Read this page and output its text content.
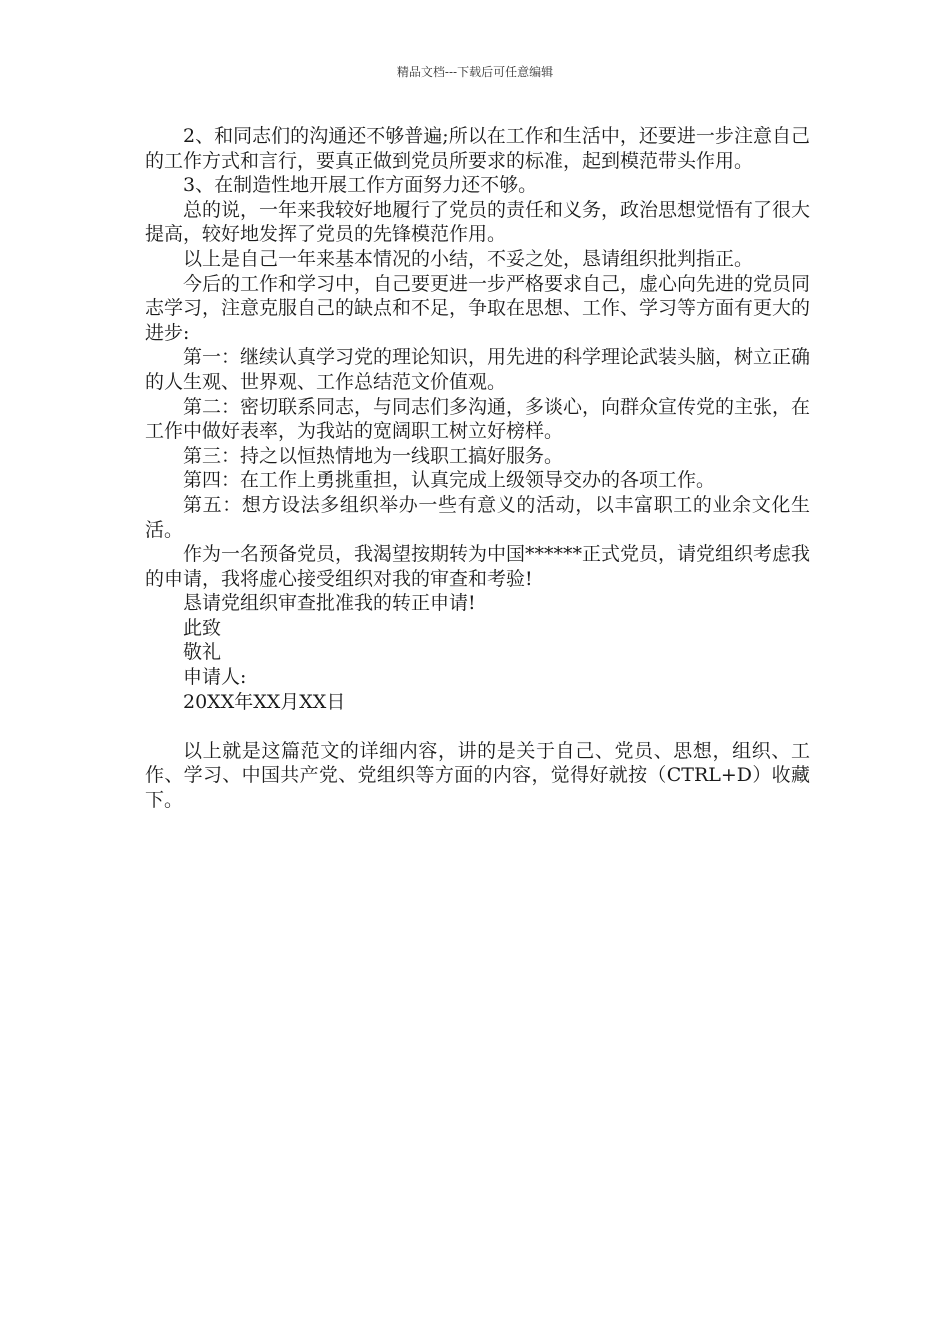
精品文档---下载后可任意编辑

2、和同志们的沟通还不够普遍;所以在工作和生活中，还要进一步注意自己的工作方式和言行，要真正做到党员所要求的标准，起到模范带头作用。

3、在制造性地开展工作方面努力还不够。

总的说，一年来我较好地履行了党员的责任和义务，政治思想觉悟有了很大提高，较好地发挥了党员的先锋模范作用。

以上是自己一年来基本情况的小结，不妥之处，恳请组织批判指正。

今后的工作和学习中，自己要更进一步严格要求自己，虚心向先进的党员同志学习，注意克服自己的缺点和不足，争取在思想、工作、学习等方面有更大的进步:

第一：继续认真学习党的理论知识，用先进的科学理论武装头脑，树立正确的人生观、世界观、工作总结范文价值观。

第二：密切联系同志，与同志们多沟通，多谈心，向群众宣传党的主张，在工作中做好表率，为我站的宽阔职工树立好榜样。

第三：持之以恒热情地为一线职工搞好服务。

第四：在工作上勇挑重担，认真完成上级领导交办的各项工作。

第五：想方设法多组织举办一些有意义的活动，以丰富职工的业余文化生活。

作为一名预备党员，我渴望按期转为中国******正式党员，请党组织考虑我的申请，我将虚心接受组织对我的审查和考验!

恳请党组织审查批准我的转正申请!

此致

敬礼

申请人:

20XX年XX月XX日

以上就是这篇范文的详细内容，讲的是关于自己、党员、思想，组织、工作、学习、中国共产党、党组织等方面的内容，觉得好就按（CTRL+D）收藏下。
